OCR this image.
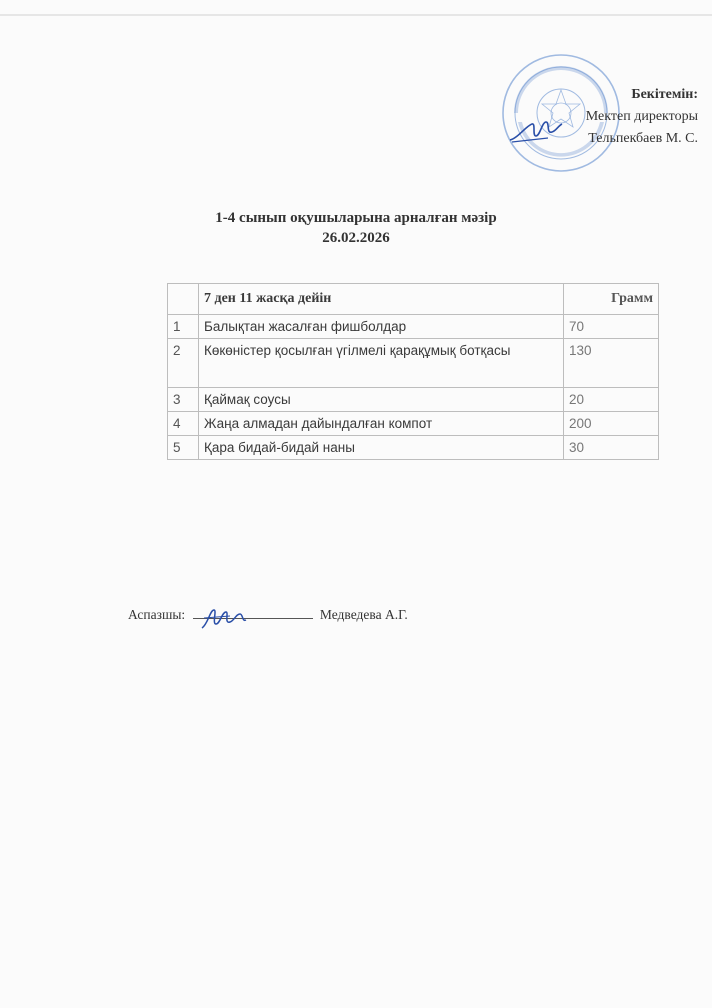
Бекітемін:
Мектеп директоры
Тельпекбаев М. С.
1-4 сынып оқушыларына арналған мәзір
26.02.2026
	7 ден 11 жасқа дейін	Грамм
1	Балықтан жасалған фишболдар	70
2	Көкөністер қосылған үгілмелі қарақұмық ботқасы	130
3	Қаймақ соусы	20
4	Жаңа алмадан дайындалған компот	200
5	Қара бидай-бидай наны	30
Аспазшы:	Медведева А.Г.
